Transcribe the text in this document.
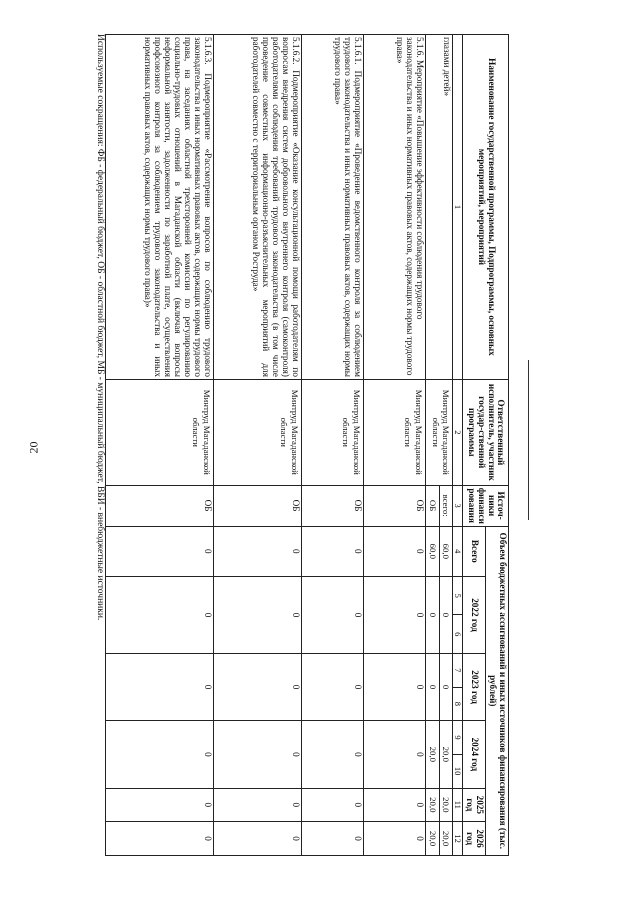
20
Наименование государственной программы, Подпрограммы, основных мероприятий, мероприятий	Ответственный исполнитель, участник государ-ственной программы	Источ-ники финанси рования	Объем бюджетных ассигнований и иных источников финансирования (тыс. рублей)								
			Всего	2022 год		2023 год		2024 год		2025 год	2026 год
1	2	3	4	5	6	7	8	9	10	11	12
глазами детей»	Минтруд Магаданской области	всего:	60,0	0		0		20,0		20,0	20,0
		ОБ	60,0	0		0		20,0		20,0	20,0
5.1.6. Мероприятие «Повышение эффективности соблюдения трудового законодательства и иных нормативных правовых актов, содержащих нормы трудового права»	Минтруд Магаданской области	ОБ	0	0		0		0		0	0
5.1.6.1. Подмероприятие «Проведение ведомственного контроля за соблюдением трудового законодательства и иных нормативных правовых актов, содержащих нормы трудового права»	Минтруд Магаданской области	ОБ	0	0		0		0		0	0
5.1.6.2. Подмероприятие «Оказание консультационной помощи работодателям по вопросам внедрения систем добровольного внутреннего контроля (самоконтроля) работодателями соблюдения требований трудового законодательства (в том числе проведение совместных информационно-разъяснительных мероприятий для работодателей совместно с территориальным органом Роструда»	Минтруд Магаданской области	ОБ	0	0		0		0		0	0
5.1.6.3. Подмероприятие «Рассмотрение вопросов по соблюдению трудового законодательства и иных нормативных правовых актов, содержащих нормы трудового права, на заседаниях областной трехсторонней комиссии по регулированию социально-трудовых отношений в Магаданской области (включая вопросы неформальной занятости, задолженности по заработной плате, осуществления профсоюзного контроля за соблюдением трудового законодательства и иных нормативных правовых актов, содержащих нормы трудового права)»	Минтруд Магаданской области	ОБ	0	0		0		0		0	0
Используемые сокращения: ФБ - федеральный бюджет, ОБ - областной бюджет, МБ - муниципальный бюджет, ВБИ - внебюджетные источники.
